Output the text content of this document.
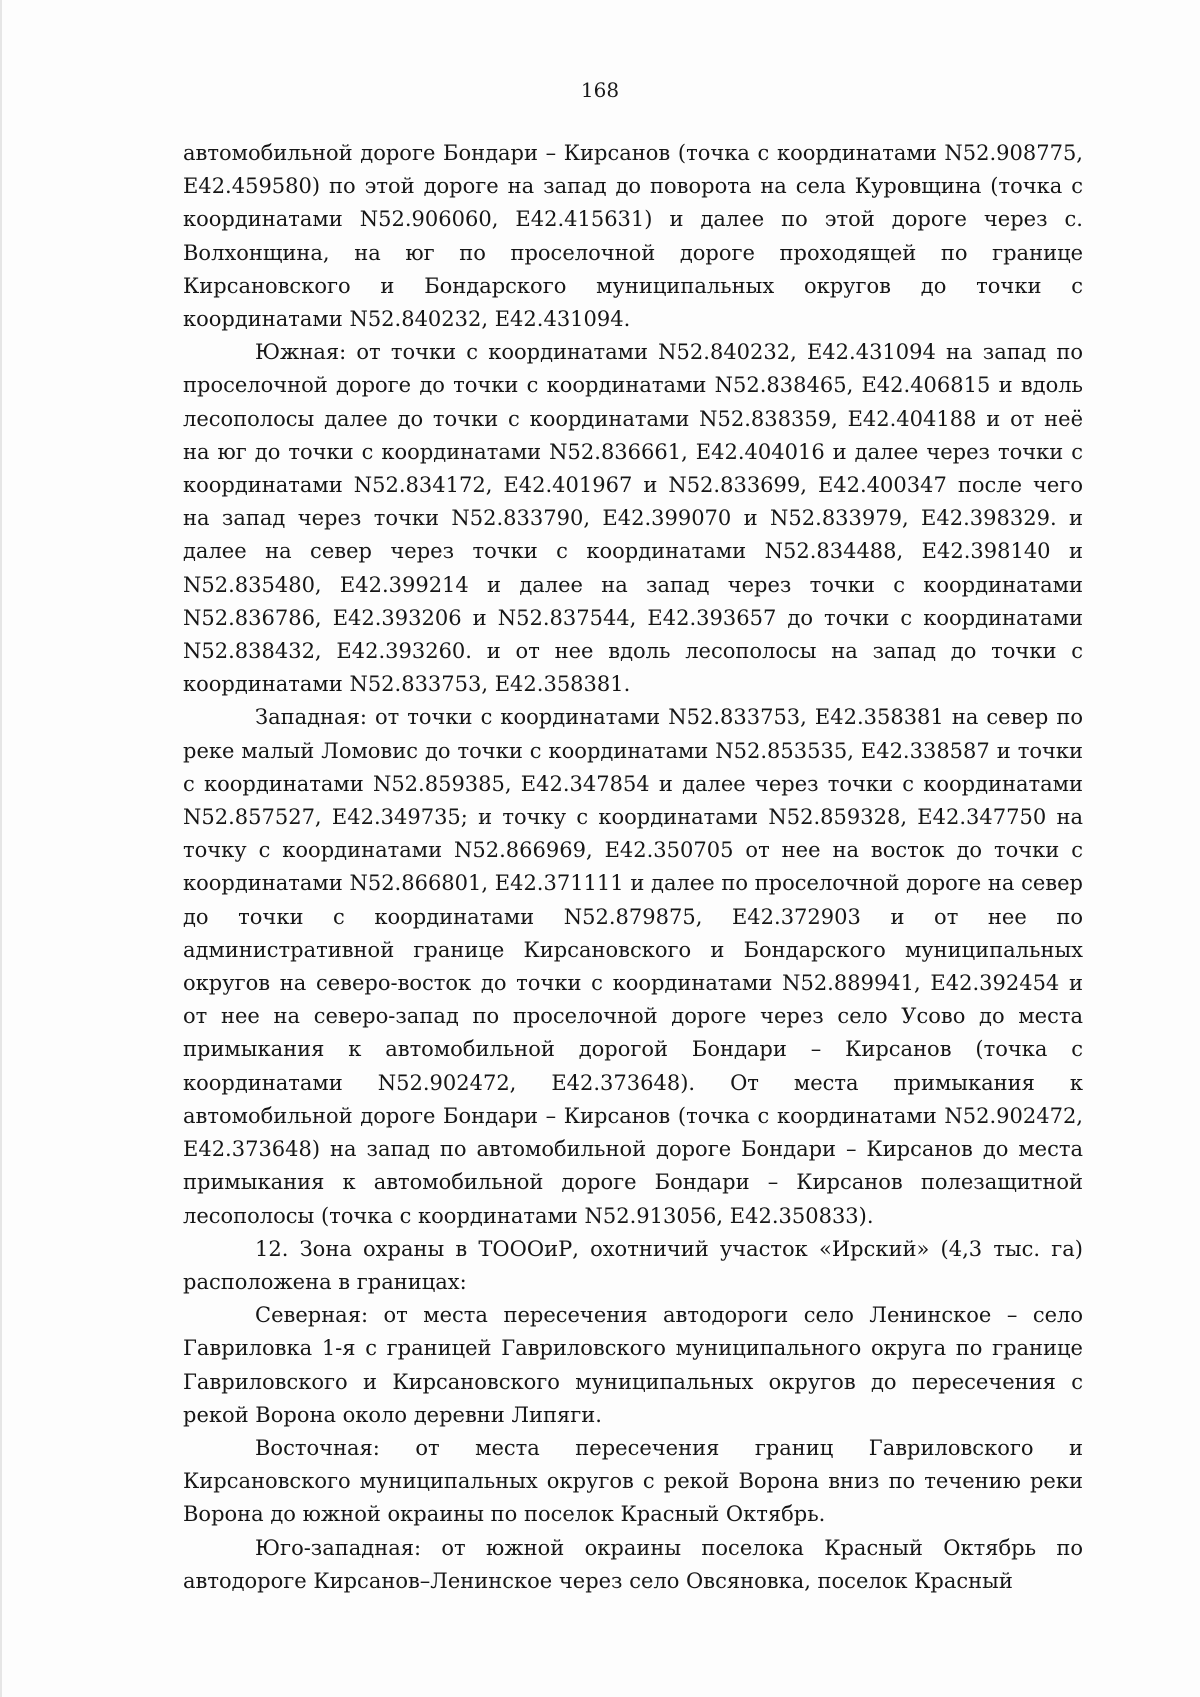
168

автомобильной дороге Бондари – Кирсанов (точка с координатами N52.908775, E42.459580) по этой дороге на запад до поворота на села Куровщина (точка с координатами N52.906060, E42.415631) и далее по этой дороге через с. Волхонщина, на юг по проселочной дороге проходящей по границе Кирсановского и Бондарского муниципальных округов до точки с координатами N52.840232, E42.431094.

Южная: от точки с координатами N52.840232, E42.431094 на запад по проселочной дороге до точки с координатами N52.838465, E42.406815 и вдоль лесополосы далее до точки с координатами N52.838359, E42.404188 и от неё на юг до точки с координатами N52.836661, E42.404016 и далее через точки с координатами N52.834172, E42.401967 и N52.833699, E42.400347 после чего на запад через точки N52.833790, E42.399070 и N52.833979, E42.398329. и далее на север через точки с координатами N52.834488, E42.398140 и N52.835480, E42.399214 и далее на запад через точки с координатами N52.836786, E42.393206 и N52.837544, E42.393657 до точки с координатами N52.838432, E42.393260. и от нее вдоль лесополосы на запад до точки с координатами N52.833753, E42.358381.

Западная: от точки с координатами N52.833753, E42.358381 на север по реке малый Ломовис до точки с координатами N52.853535, E42.338587 и точки с координатами N52.859385, E42.347854 и далее через точки с координатами N52.857527, E42.349735; и точку с координатами N52.859328, E42.347750 на точку с координатами N52.866969, E42.350705 от нее на восток до точки с координатами N52.866801, E42.371111 и далее по проселочной дороге на север до точки с координатами N52.879875, E42.372903 и от нее по административной границе Кирсановского и Бондарского муниципальных округов на северо-восток до точки с координатами N52.889941, E42.392454 и от нее на северо-запад по проселочной дороге через село Усово до места примыкания к автомобильной дорогой Бондари – Кирсанов (точка с координатами N52.902472, E42.373648). От места примыкания к автомобильной дороге Бондари – Кирсанов (точка с координатами N52.902472, E42.373648) на запад по автомобильной дороге Бондари – Кирсанов до места примыкания к автомобильной дороге Бондари – Кирсанов полезащитной лесополосы (точка с координатами N52.913056, E42.350833).

12. Зона охраны в ТОООиР, охотничий участок «Ирский» (4,3 тыс. га) расположена в границах:

Северная: от места пересечения автодороги село Ленинское – село Гавриловка 1-я с границей Гавриловского муниципального округа по границе Гавриловского и Кирсановского муниципальных округов до пересечения с рекой Ворона около деревни Липяги.

Восточная: от места пересечения границ Гавриловского и Кирсановского муниципальных округов с рекой Ворона вниз по течению реки Ворона до южной окраины по поселок Красный Октябрь.

Юго-западная: от южной окраины поселока Красный Октябрь по автодороге Кирсанов–Ленинское через село Овсяновка, поселок Красный
